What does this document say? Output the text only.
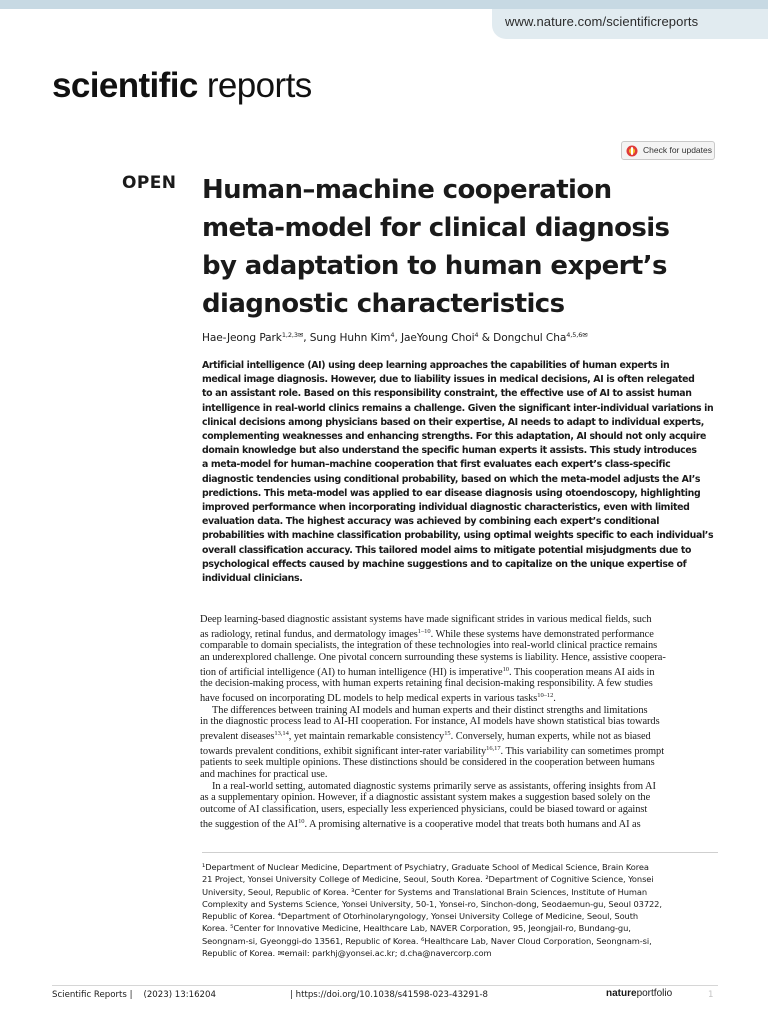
www.nature.com/scientificreports
scientific reports
Check for updates
OPEN Human–machine cooperation
meta-model for clinical diagnosis
by adaptation to human expert’s
diagnostic characteristics
Hae-Jeong Park$^{1,2,3✉}$, Sung Huhn Kim$^4$, JaeYoung Choi$^4$ & Dongchul Cha$^{4,5,6✉}$
Artificial intelligence (AI) using deep learning approaches the capabilities of human experts in
medical image diagnosis. However, due to liability issues in medical decisions, AI is often relegated
to an assistant role. Based on this responsibility constraint, the effective use of AI to assist human
intelligence in real-world clinics remains a challenge. Given the significant inter-individual variations in
clinical decisions among physicians based on their expertise, AI needs to adapt to individual experts,
complementing weaknesses and enhancing strengths. For this adaptation, AI should not only acquire
domain knowledge but also understand the specific human experts it assists. This study introduces
a meta-model for human–machine cooperation that first evaluates each expert’s class-specific
diagnostic tendencies using conditional probability, based on which the meta-model adjusts the AI’s
predictions. This meta-model was applied to ear disease diagnosis using otoendoscopy, highlighting
improved performance when incorporating individual diagnostic characteristics, even with limited
evaluation data. The highest accuracy was achieved by combining each expert’s conditional
probabilities with machine classification probability, using optimal weights specific to each individual’s
overall classification accuracy. This tailored model aims to mitigate potential misjudgments due to
psychological effects caused by machine suggestions and to capitalize on the unique expertise of
individual clinicians.
Deep learning-based diagnostic assistant systems have made significant strides in various medical fields, such
as radiology, retinal fundus, and dermatology images$^{1-10}$. While these systems have demonstrated performance
comparable to domain specialists, the integration of these technologies into real-world clinical practice remains
an underexplored challenge. One pivotal concern surrounding these systems is liability. Hence, assistive coopera-
tion of artificial intelligence (AI) to human intelligence (HI) is imperative$^{10}$. This cooperation means AI aids in
the decision-making process, with human experts retaining final decision-making responsibility. A few studies
have focused on incorporating DL models to help medical experts in various tasks$^{10-12}$.
The differences between training AI models and human experts and their distinct strengths and limitations
in the diagnostic process lead to AI-HI cooperation. For instance, AI models have shown statistical bias towards
prevalent diseases$^{13,14}$, yet maintain remarkable consistency$^{15}$. Conversely, human experts, while not as biased
towards prevalent conditions, exhibit significant inter-rater variability$^{16,17}$. This variability can sometimes prompt
patients to seek multiple opinions. These distinctions should be considered in the cooperation between humans
and machines for practical use.
In a real-world setting, automated diagnostic systems primarily serve as assistants, offering insights from AI
as a supplementary opinion. However, if a diagnostic assistant system makes a suggestion based solely on the
outcome of AI classification, users, especially less experienced physicians, could be biased toward or against
the suggestion of the AI$^{10}$. A promising alternative is a cooperative model that treats both humans and AI as
¹Department of Nuclear Medicine, Department of Psychiatry, Graduate School of Medical Science, Brain Korea
21 Project, Yonsei University College of Medicine, Seoul, South Korea. ²Department of Cognitive Science, Yonsei
University, Seoul, Republic of Korea. ³Center for Systems and Translational Brain Sciences, Institute of Human
Complexity and Systems Science, Yonsei University, 50-1, Yonsei-ro, Sinchon-dong, Seodaemun-gu, Seoul 03722,
Republic of Korea. ⁴Department of Otorhinolaryngology, Yonsei University College of Medicine, Seoul, South
Korea. ⁵Center for Innovative Medicine, Healthcare Lab, NAVER Corporation, 95, Jeongjail-ro, Bundang-gu,
Seongnam-si, Gyeonggi-do 13561, Republic of Korea. ⁶Healthcare Lab, Naver Cloud Corporation, Seongnam-si,
Republic of Korea. ✉email: parkhj@yonsei.ac.kr; d.cha@navercorp.com
Scientific Reports | (2023) 13:16204	| https://doi.org/10.1038/s41598-023-43291-8	natureportfolio	1
